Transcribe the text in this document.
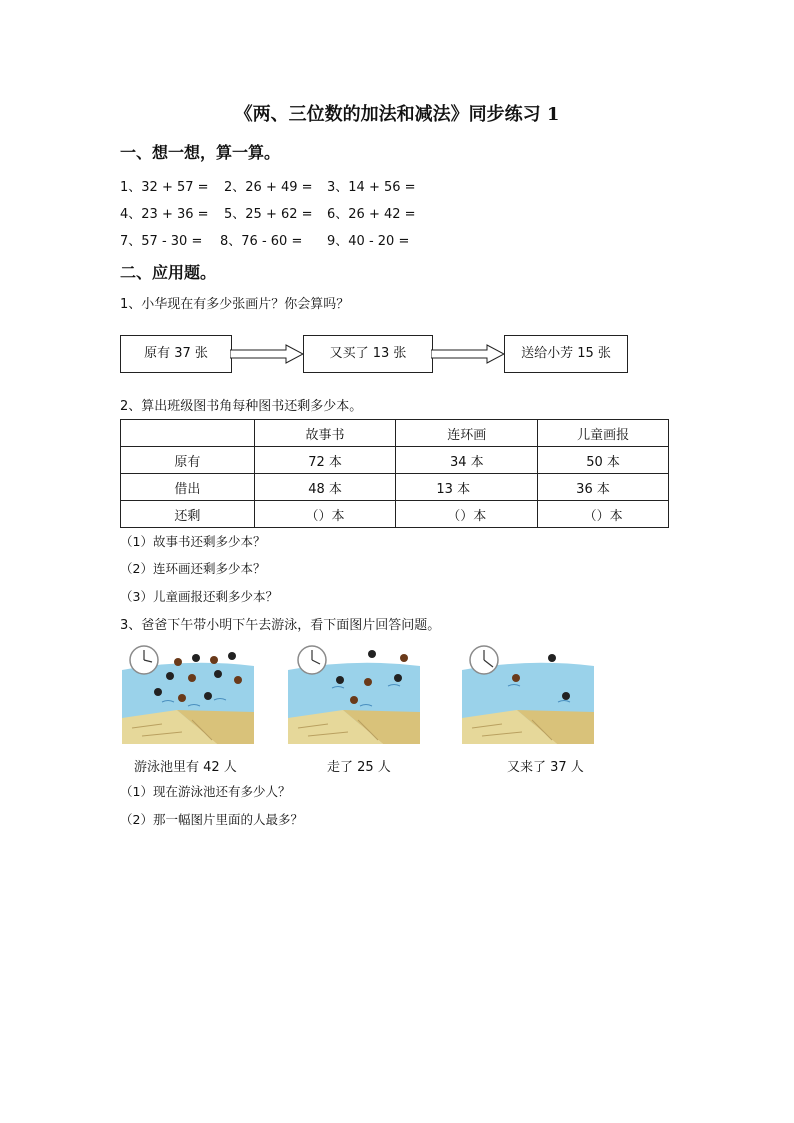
《两、三位数的加法和减法》同步练习 1
一、想一想，算一算。
1、32 + 57 = 2、26 + 49 = 3、14 + 56 =
4、23 + 36 = 5、25 + 62 = 6、26 + 42 =
7、57 - 30 = 8、76 - 60 = 9、40 - 20 =
二、应用题。
1、小华现在有多少张画片？你会算吗？
原有 37 张	又买了 13 张	送给小芳 15 张
2、算出班级图书角每种图书还剩多少本。
	故事书	连环画	儿童画报
原有	72 本	34 本	50 本
借出	48 本	13 本	36 本
还剩	（）本	（）本	（）本
（1）故事书还剩多少本？
（2）连环画还剩多少本？
（3）儿童画报还剩多少本？
3、爸爸下午带小明下午去游泳，看下面图片回答问题。
游泳池里有 42 人	走了 25 人	又来了 37 人
（1）现在游泳池还有多少人？
（2）那一幅图片里面的人最多？
